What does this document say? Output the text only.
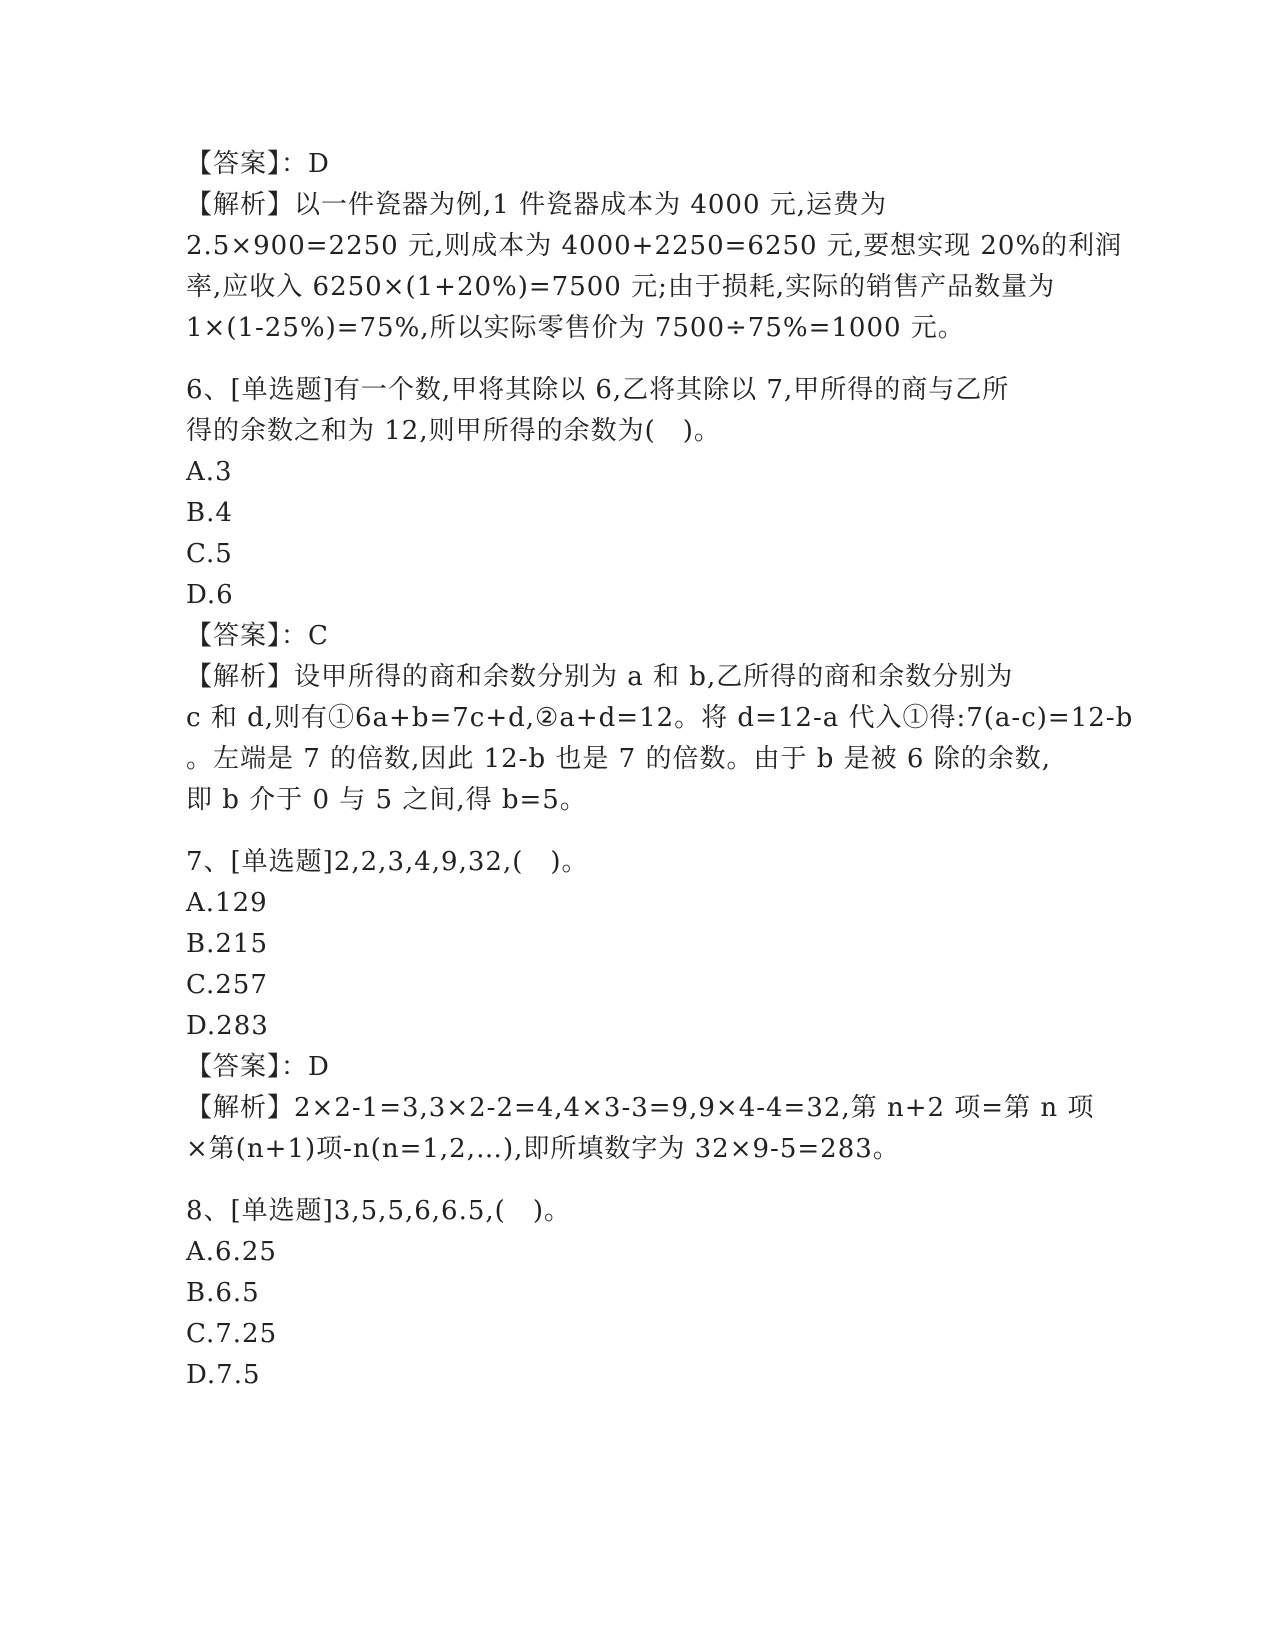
【答案】：D
【解析】以一件瓷器为例,1 件瓷器成本为 4000 元,运费为
2.5×900=2250 元,则成本为 4000+2250=6250 元,要想实现 20%的利润
率,应收入 6250×(1+20%)=7500 元;由于损耗,实际的销售产品数量为
1×(1-25%)=75%,所以实际零售价为 7500÷75%=1000 元。
6、[单选题]有一个数,甲将其除以 6,乙将其除以 7,甲所得的商与乙所
得的余数之和为 12,则甲所得的余数为(　)。
A.3
B.4
C.5
D.6
【答案】：C
【解析】设甲所得的商和余数分别为 a 和 b,乙所得的商和余数分别为
c 和 d,则有①6a+b=7c+d,②a+d=12。将 d=12-a 代入①得:7(a-c)=12-b
。左端是 7 的倍数,因此 12-b 也是 7 的倍数。由于 b 是被 6 除的余数,
即 b 介于 0 与 5 之间,得 b=5。
7、[单选题]2,2,3,4,9,32,(　)。
A.129
B.215
C.257
D.283
【答案】：D
【解析】2×2-1=3,3×2-2=4,4×3-3=9,9×4-4=32,第 n+2 项=第 n 项
×第(n+1)项-n(n=1,2,…),即所填数字为 32×9-5=283。
8、[单选题]3,5,5,6,6.5,(　)。
A.6.25
B.6.5
C.7.25
D.7.5
